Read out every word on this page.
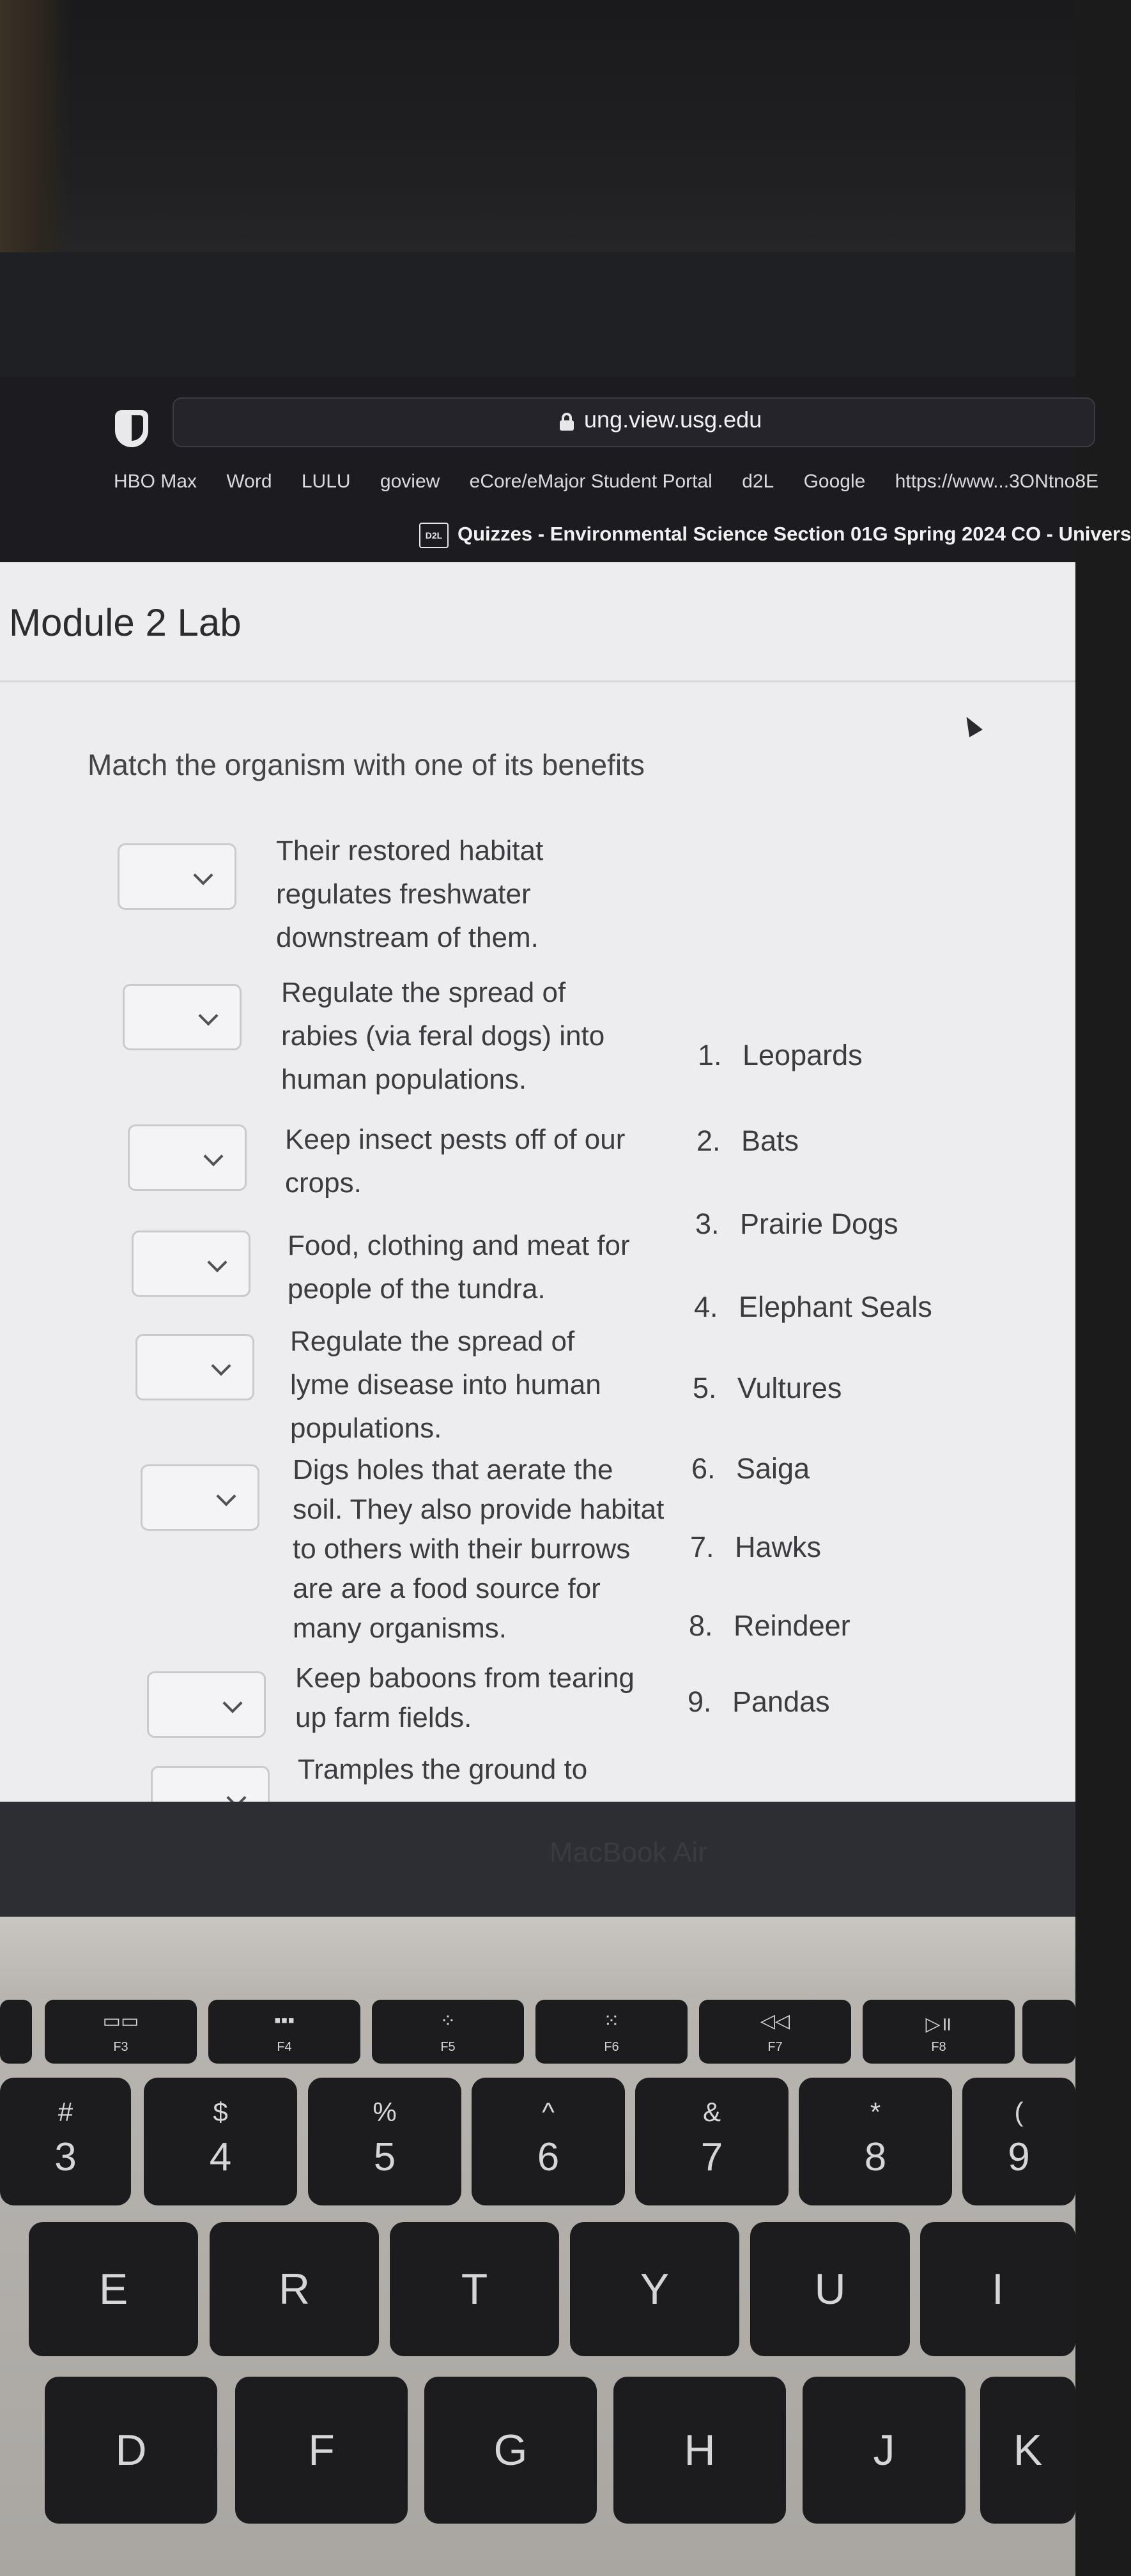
ung.view.usg.edu
HBO Max Word LULU goview eCore/eMajor Student Portal d2L Google https://www...3ONtno8E
D2L Quizzes - Environmental Science Section 01G Spring 2024 CO - Univers
Module 2 Lab
Match the organism with one of its benefits
Their restored habitat regulates freshwater downstream of them.
Regulate the spread of rabies (via feral dogs) into human populations.
Keep insect pests off of our crops.
Food, clothing and meat for people of the tundra.
Regulate the spread of lyme disease into human populations.
Digs holes that aerate the soil. They also provide habitat to others with their burrows are are a food source for many organisms.
Keep baboons from tearing up farm fields.
Tramples the ground to
1. Leopards
2. Bats
3. Prairie Dogs
4. Elephant Seals
5. Vultures
6. Saiga
7. Hawks
8. Reindeer
9. Pandas
MacBook Air
▭▭
F3
▪▪▪
F4
⁘
F5
⁙
F6
◁◁
F7
▷॥
F8
#
3
$
4
%
5
^
6
&
7
*
8
(
9
E	R	T	Y	U	I
D	F	G	H	J	K
